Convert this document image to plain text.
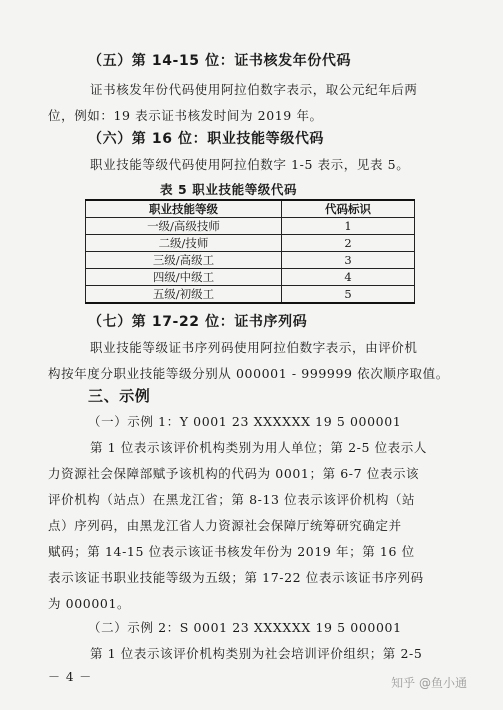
（五）第 14-15 位：证书核发年份代码
证书核发年份代码使用阿拉伯数字表示，取公元纪年后两
位，例如：19 表示证书核发时间为 2019 年。
（六）第 16 位：职业技能等级代码
职业技能等级代码使用阿拉伯数字 1-5 表示，见表 5。
表 5 职业技能等级代码
职业技能等级	代码标识
一级/高级技师	1
二级/技师	2
三级/高级工	3
四级/中级工	4
五级/初级工	5
（七）第 17-22 位：证书序列码
职业技能等级证书序列码使用阿拉伯数字表示，由评价机
构按年度分职业技能等级分别从 000001 - 999999 依次顺序取值。
三、示例
（一）示例 1：Y 0001 23 XXXXXX 19 5 000001
第 1 位表示该评价机构类别为用人单位；第 2-5 位表示人
力资源社会保障部赋予该机构的代码为 0001；第 6-7 位表示该
评价机构（站点）在黑龙江省；第 8-13 位表示该评价机构（站
点）序列码，由黑龙江省人力资源社会保障厅统筹研究确定并
赋码；第 14-15 位表示该证书核发年份为 2019 年；第 16 位
表示该证书职业技能等级为五级；第 17-22 位表示该证书序列码
为 000001。
（二）示例 2：S 0001 23 XXXXXX 19 5 000001
第 1 位表示该评价机构类别为社会培训评价组织；第 2-5
－ 4 －	知乎 @鱼小通
